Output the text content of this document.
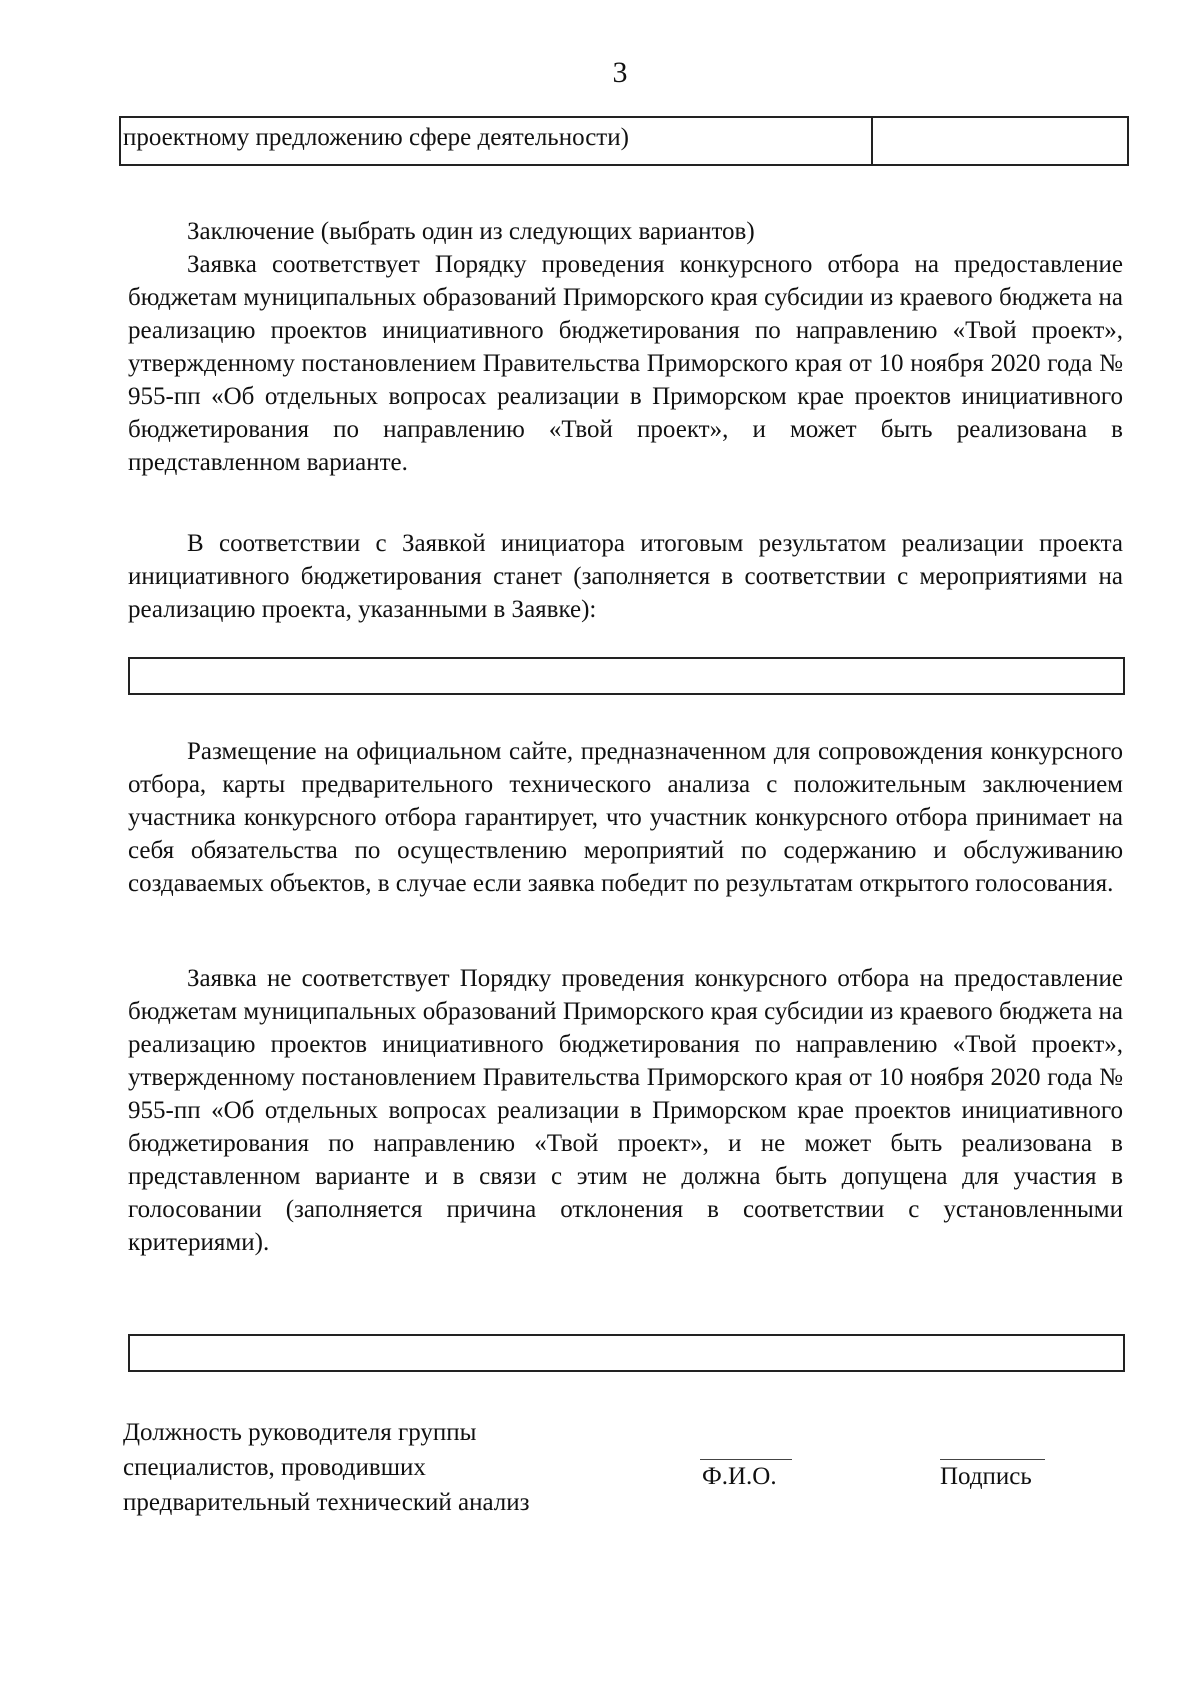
3
проектному предложению сфере деятельности)
Заключение (выбрать один из следующих вариантов)
Заявка соответствует Порядку проведения конкурсного отбора на предоставление бюджетам муниципальных образований Приморского края субсидии из краевого бюджета на реализацию проектов инициативного бюджетирования по направлению «Твой проект», утвержденному постановлением Правительства Приморского края от 10 ноября 2020 года № 955-пп «Об отдельных вопросах реализации в Приморском крае проектов инициативного бюджетирования по направлению «Твой проект», и может быть реализована в представленном варианте.
В соответствии с Заявкой инициатора итоговым результатом реализации проекта инициативного бюджетирования станет (заполняется в соответствии с мероприятиями на реализацию проекта, указанными в Заявке):
Размещение на официальном сайте, предназначенном для сопровождения конкурсного отбора, карты предварительного технического анализа с положительным заключением участника конкурсного отбора гарантирует, что участник конкурсного отбора принимает на себя обязательства по осуществлению мероприятий по содержанию и обслуживанию создаваемых объектов, в случае если заявка победит по результатам открытого голосования.
Заявка не соответствует Порядку проведения конкурсного отбора на предоставление бюджетам муниципальных образований Приморского края субсидии из краевого бюджета на реализацию проектов инициативного бюджетирования по направлению «Твой проект», утвержденному постановлением Правительства Приморского края от 10 ноября 2020 года № 955-пп «Об отдельных вопросах реализации в Приморском крае проектов инициативного бюджетирования по направлению «Твой проект», и не может быть реализована в представленном варианте и в связи с этим не должна быть допущена для участия в голосовании (заполняется причина отклонения в соответствии с установленными критериями).
Должность руководителя группы
специалистов, проводивших
предварительный технический анализ
Ф.И.О.	Подпись
